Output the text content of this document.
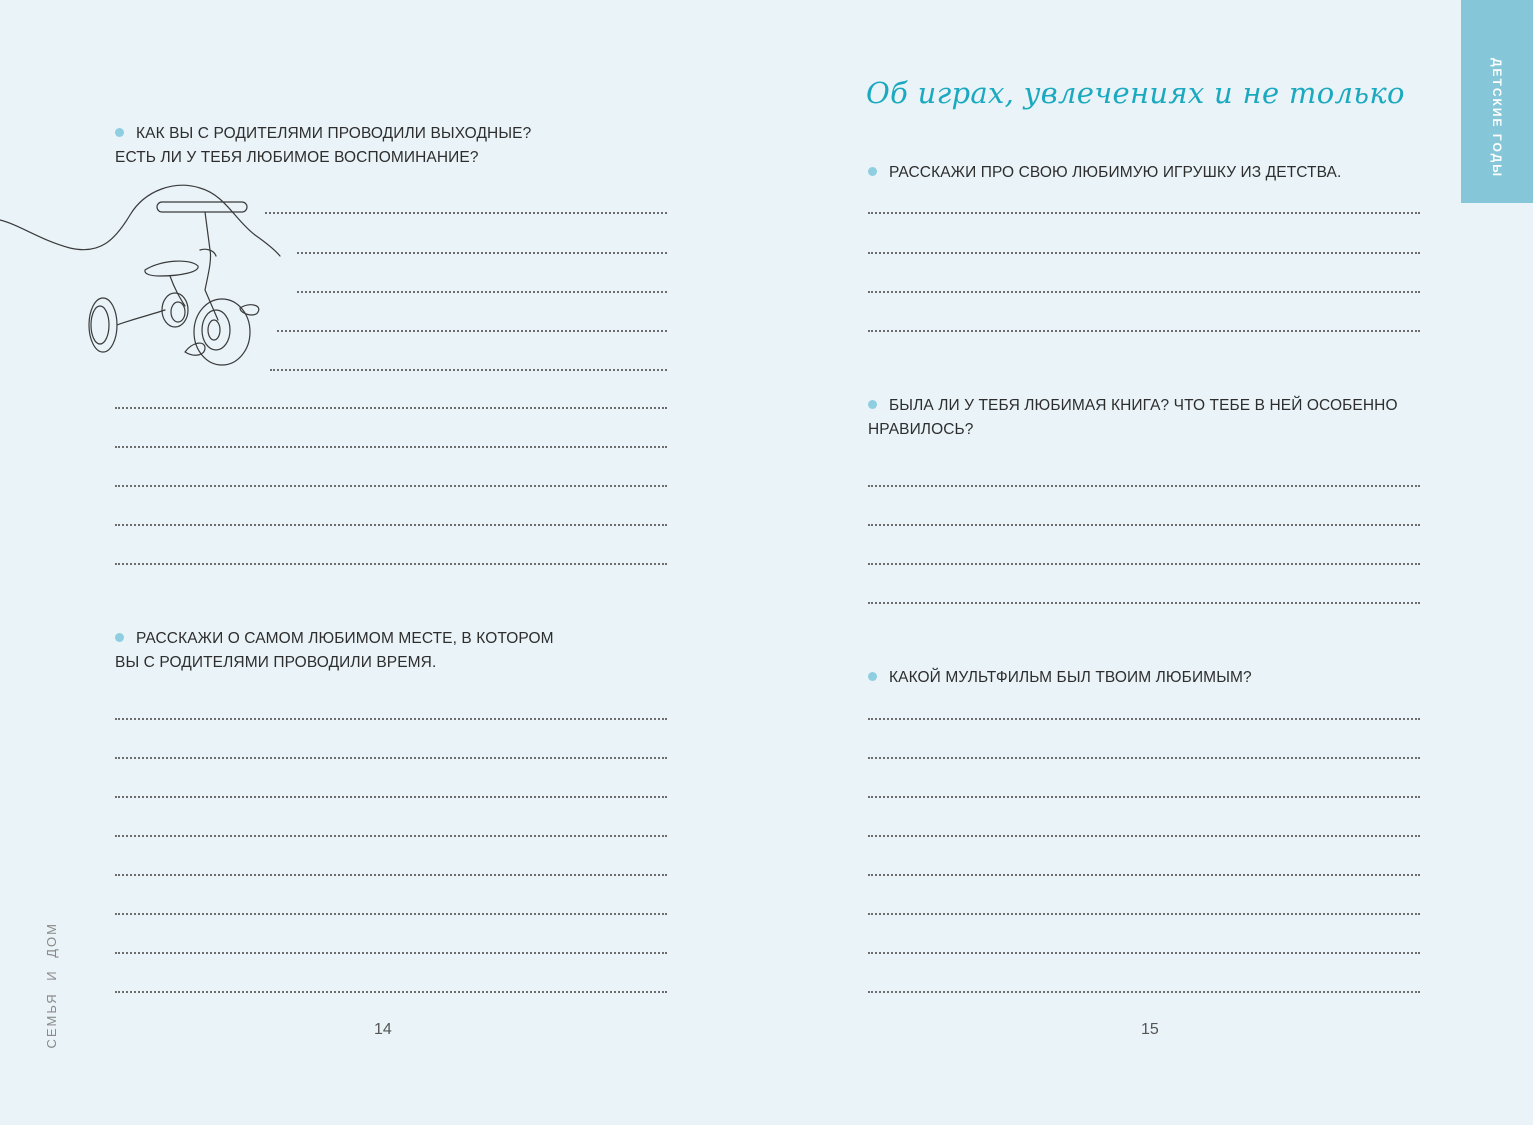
КАК ВЫ С РОДИТЕЛЯМИ ПРОВОДИЛИ ВЫХОДНЫЕ?
ЕСТЬ ЛИ У ТЕБЯ ЛЮБИМОЕ ВОСПОМИНАНИЕ?
РАССКАЖИ О САМОМ ЛЮБИМОМ МЕСТЕ, В КОТОРОМ
ВЫ С РОДИТЕЛЯМИ ПРОВОДИЛИ ВРЕМЯ.
СЕМЬЯ И ДОМ	14
Об играх, увлечениях и не только
РАССКАЖИ ПРО СВОЮ ЛЮБИМУЮ ИГРУШКУ ИЗ ДЕТСТВА.
БЫЛА ЛИ У ТЕБЯ ЛЮБИМАЯ КНИГА? ЧТО ТЕБЕ В НЕЙ ОСОБЕННО
НРАВИЛОСЬ?
КАКОЙ МУЛЬТФИЛЬМ БЫЛ ТВОИМ ЛЮБИМЫМ?
15
ДЕТСКИЕ ГОДЫ
